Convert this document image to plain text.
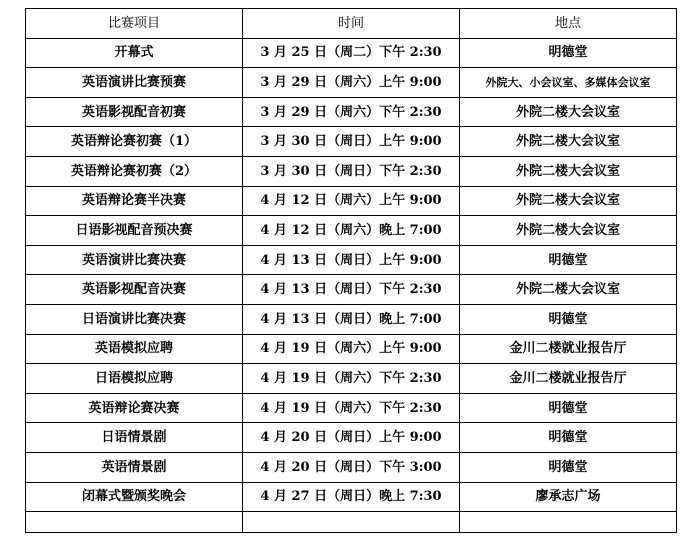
比赛项目	时间	地点
开幕式	3 月 25 日（周二）下午 2:30	明德堂
英语演讲比赛预赛	3 月 29 日（周六）上午 9:00	外院大、小会议室、多媒体会议室
英语影视配音初赛	3 月 29 日（周六）下午 2:30	外院二楼大会议室
英语辩论赛初赛（1）	3 月 30 日（周日）上午 9:00	外院二楼大会议室
英语辩论赛初赛（2）	3 月 30 日（周日）下午 2:30	外院二楼大会议室
英语辩论赛半决赛	4 月 12 日（周六）上午 9:00	外院二楼大会议室
日语影视配音预决赛	4 月 12 日（周六）晚上 7:00	外院二楼大会议室
英语演讲比赛决赛	4 月 13 日（周日）上午 9:00	明德堂
英语影视配音决赛	4 月 13 日（周日）下午 2:30	外院二楼大会议室
日语演讲比赛决赛	4 月 13 日（周日）晚上 7:00	明德堂
英语模拟应聘	4 月 19 日（周六）上午 9:00	金川二楼就业报告厅
日语模拟应聘	4 月 19 日（周六）下午 2:30	金川二楼就业报告厅
英语辩论赛决赛	4 月 19 日（周六）下午 2:30	明德堂
日语情景剧	4 月 20 日（周日）上午 9:00	明德堂
英语情景剧	4 月 20 日（周日）下午 3:00	明德堂
闭幕式暨颁奖晚会	4 月 27 日（周日）晚上 7:30	廖承志广场
